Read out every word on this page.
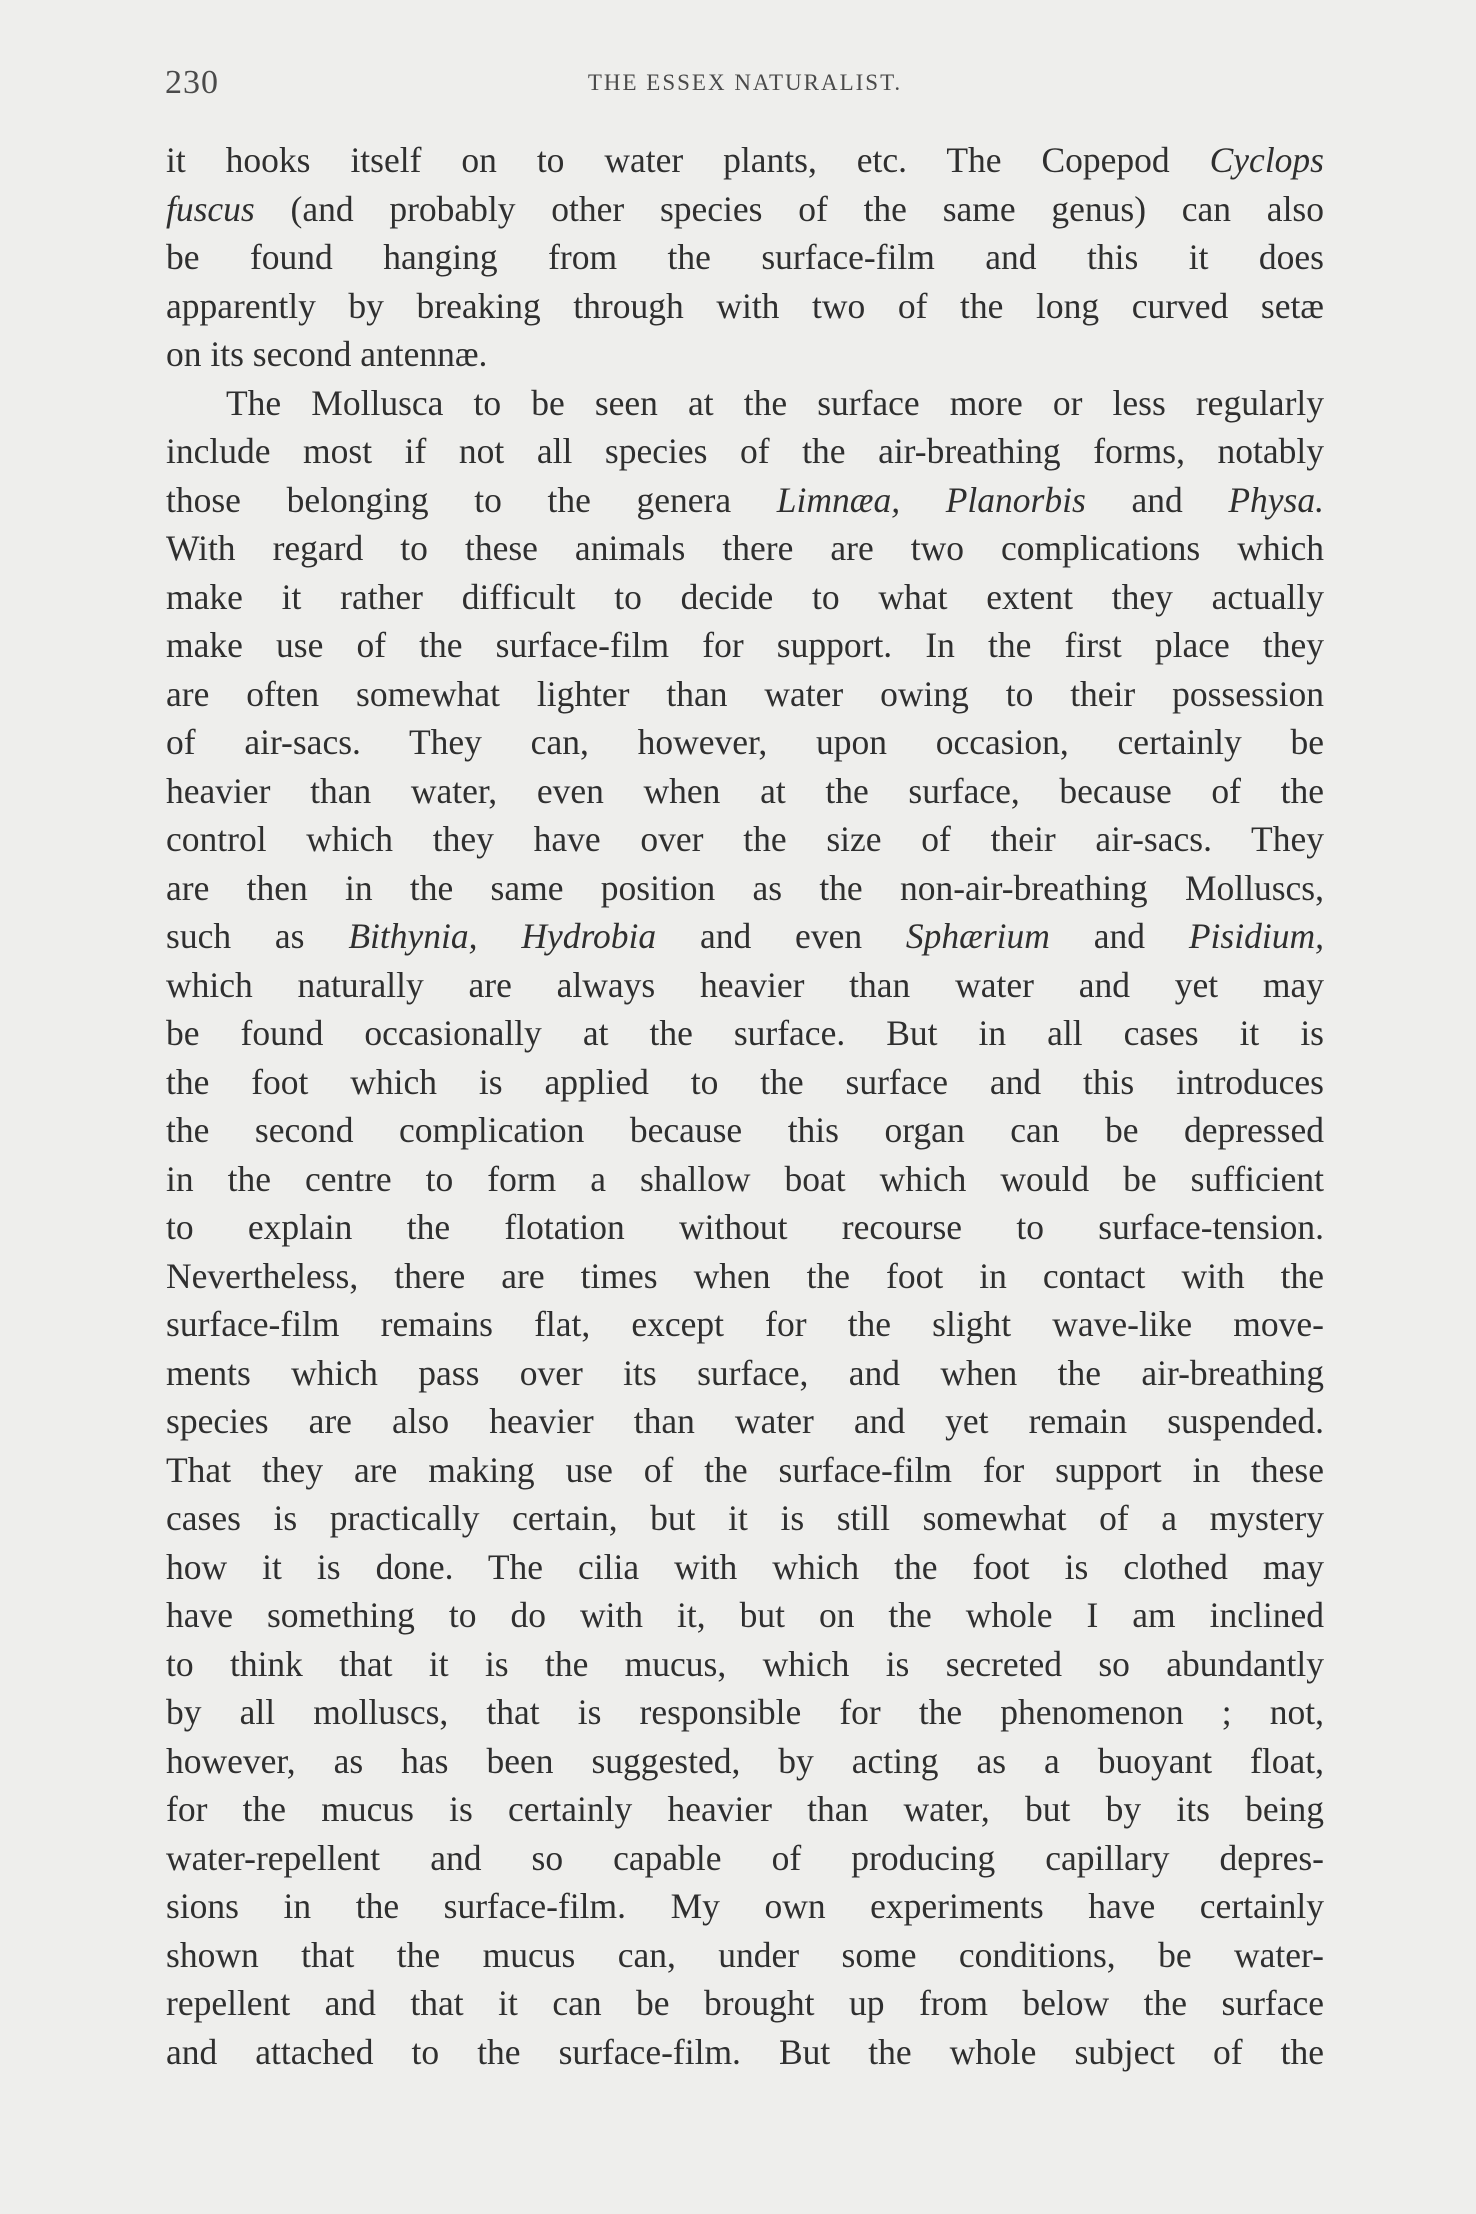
230	THE ESSEX NATURALIST.
it hooks itself on to water plants, etc. The Copepod Cyclops
fuscus (and probably other species of the same genus) can also
be found hanging from the surface-film and this it does
apparently by breaking through with two of the long curved setæ
on its second antennæ.
The Mollusca to be seen at the surface more or less regularly
include most if not all species of the air-breathing forms, notably
those belonging to the genera Limnæa, Planorbis and Physa.
With regard to these animals there are two complications which
make it rather difficult to decide to what extent they actually
make use of the surface-film for support. In the first place they
are often somewhat lighter than water owing to their possession
of air-sacs. They can, however, upon occasion, certainly be
heavier than water, even when at the surface, because of the
control which they have over the size of their air-sacs. They
are then in the same position as the non-air-breathing Molluscs,
such as Bithynia, Hydrobia and even Sphærium and Pisidium,
which naturally are always heavier than water and yet may
be found occasionally at the surface. But in all cases it is
the foot which is applied to the surface and this introduces
the second complication because this organ can be depressed
in the centre to form a shallow boat which would be sufficient
to explain the flotation without recourse to surface-tension.
Nevertheless, there are times when the foot in contact with the
surface-film remains flat, except for the slight wave-like move-
ments which pass over its surface, and when the air-breathing
species are also heavier than water and yet remain suspended.
That they are making use of the surface-film for support in these
cases is practically certain, but it is still somewhat of a mystery
how it is done. The cilia with which the foot is clothed may
have something to do with it, but on the whole I am inclined
to think that it is the mucus, which is secreted so abundantly
by all molluscs, that is responsible for the phenomenon ; not,
however, as has been suggested, by acting as a buoyant float,
for the mucus is certainly heavier than water, but by its being
water-repellent and so capable of producing capillary depres-
sions in the surface-film. My own experiments have certainly
shown that the mucus can, under some conditions, be water-
repellent and that it can be brought up from below the surface
and attached to the surface-film. But the whole subject of the
